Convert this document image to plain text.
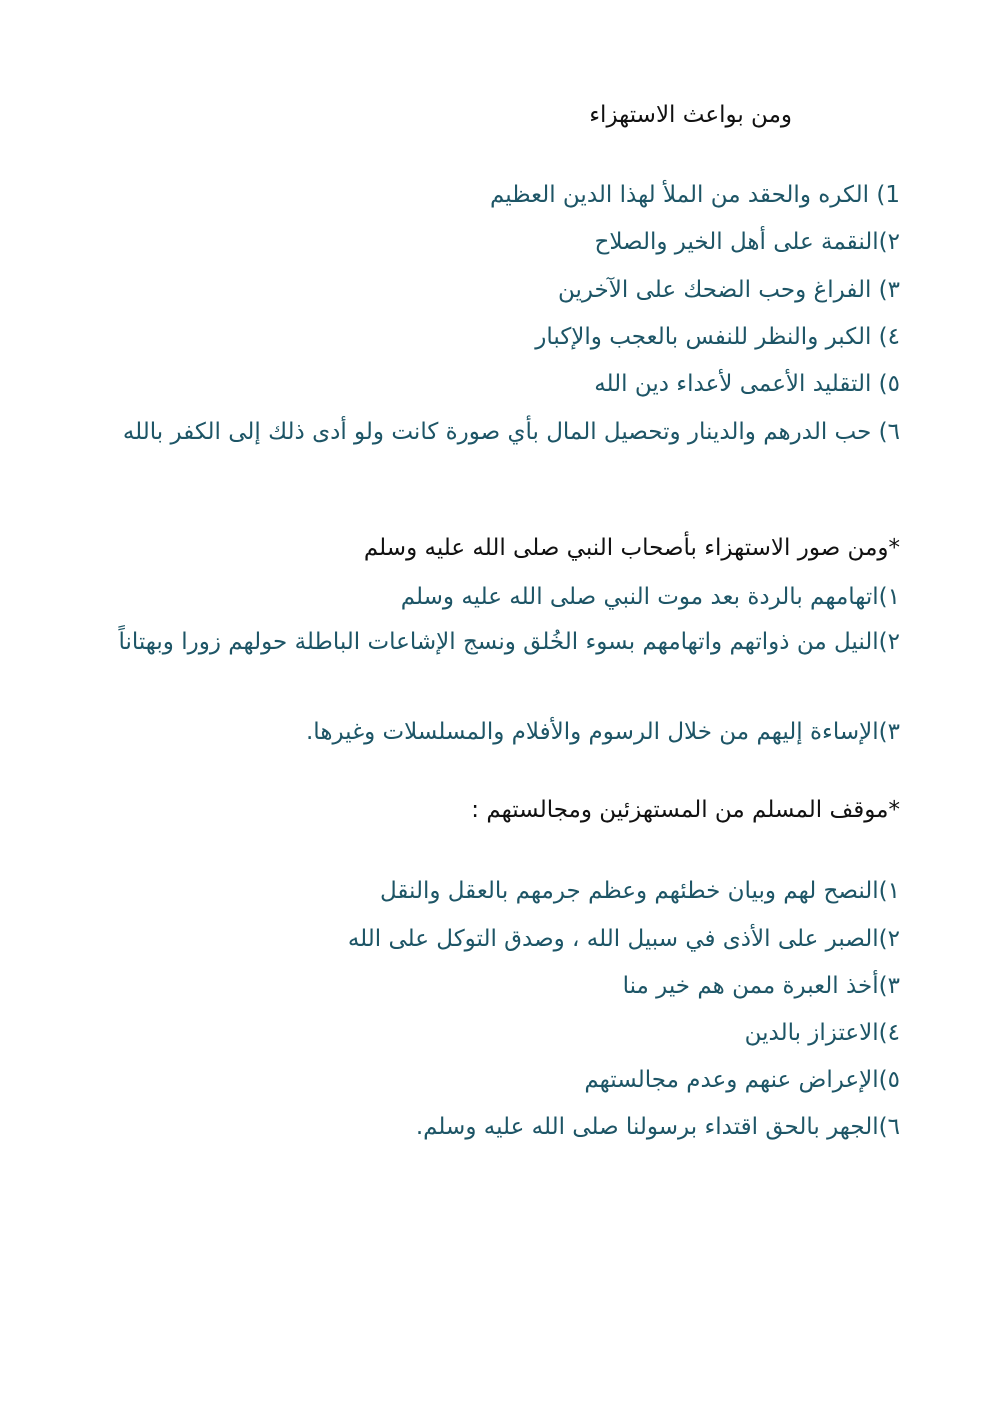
ومن بواعث الاستهزاء
1) الكره والحقد من الملأ لهذا الدين العظيم
٢)النقمة على أهل الخير والصلاح
٣) الفراغ وحب الضحك على الآخرين
٤) الكبر والنظر للنفس بالعجب والإكبار
٥) التقليد الأعمى لأعداء دين الله
٦) حب الدرهم والدينار وتحصيل المال بأي صورة كانت ولو أدى ذلك إلى الكفر بالله
*ومن صور الاستهزاء بأصحاب النبي صلى الله عليه وسلم
١)اتهامهم بالردة بعد موت النبي صلى الله عليه وسلم
٢)النيل من ذواتهم واتهامهم بسوء الخُلق ونسج الإشاعات الباطلة حولهم زورا وبهتاناً
٣)الإساءة إليهم من خلال الرسوم والأفلام والمسلسلات وغيرها.
*موقف المسلم من المستهزئين ومجالستهم :
١)النصح لهم وبيان خطئهم وعظم جرمهم بالعقل والنقل
٢)الصبر على الأذى في سبيل الله ، وصدق التوكل على الله
٣)أخذ العبرة ممن هم خير منا
٤)الاعتزاز بالدين
٥)الإعراض عنهم وعدم مجالستهم
٦)الجهر بالحق اقتداء برسولنا صلى الله عليه وسلم.
